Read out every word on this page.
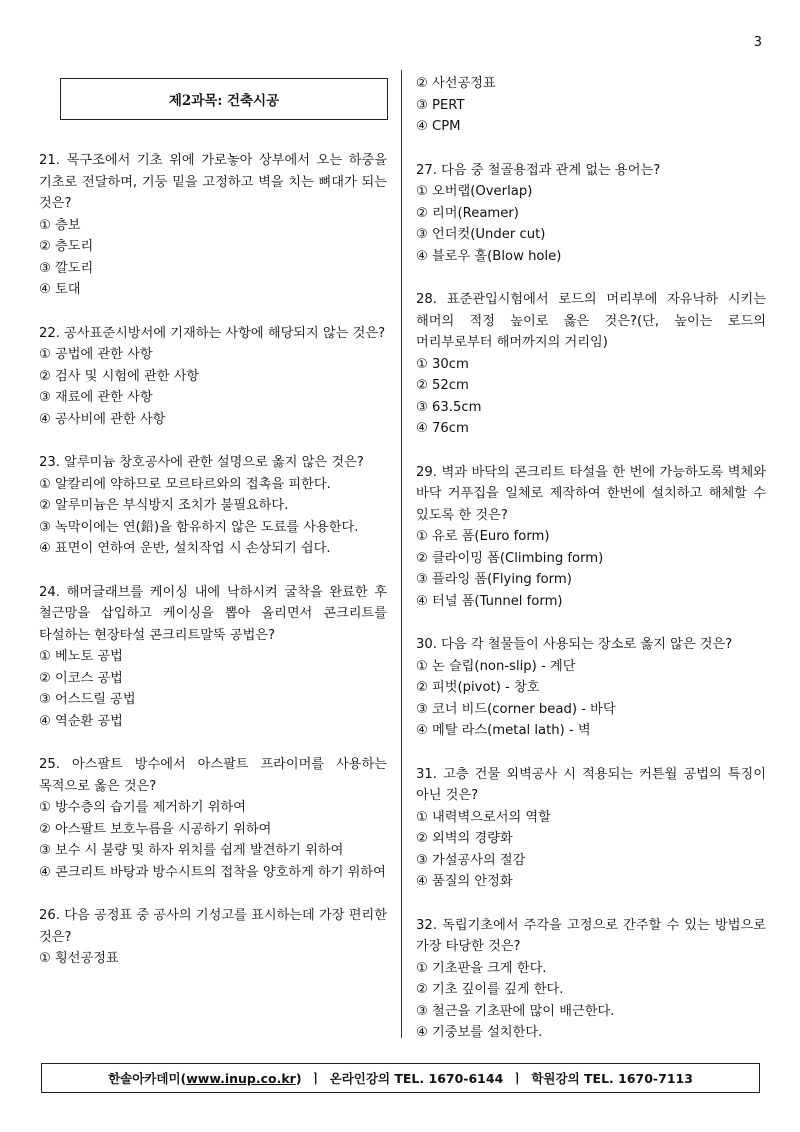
3
제2과목: 건축시공
21. 목구조에서 기초 위에 가로놓아 상부에서 오는 하중을 기초로 전달하며, 기둥 밑을 고정하고 벽을 치는 뼈대가 되는 것은?
① 층보
② 층도리
③ 깔도리
④ 토대
22. 공사표준시방서에 기재하는 사항에 해당되지 않는 것은?
① 공법에 관한 사항
② 검사 및 시험에 관한 사항
③ 재료에 관한 사항
④ 공사비에 관한 사항
23. 알루미늄 창호공사에 관한 설명으로 옳지 않은 것은?
① 알칼리에 약하므로 모르타르와의 접촉을 피한다.
② 알루미늄은 부식방지 조치가 불필요하다.
③ 녹막이에는 연(鉛)을 함유하지 않은 도료를 사용한다.
④ 표면이 연하여 운반, 설치작업 시 손상되기 쉽다.
24. 해머글래브를 케이싱 내에 낙하시켜 굴착을 완료한 후 철근망을 삽입하고 케이싱을 뽑아 올리면서 콘크리트를 타설하는 현장타설 콘크리트말뚝 공법은?
① 베노토 공법
② 이코스 공법
③ 어스드릴 공법
④ 역순환 공법
25. 아스팔트 방수에서 아스팔트 프라이머를 사용하는 목적으로 옳은 것은?
① 방수층의 습기를 제거하기 위하여
② 아스팔트 보호누름을 시공하기 위하여
③ 보수 시 불량 및 하자 위치를 쉽게 발견하기 위하여
④ 콘크리트 바탕과 방수시트의 접착을 양호하게 하기 위하여
26. 다음 공정표 중 공사의 기성고를 표시하는데 가장 편리한 것은?
① 횡선공정표
② 사선공정표
③ PERT
④ CPM
27. 다음 중 철골용접과 관계 없는 용어는?
① 오버랩(Overlap)
② 리머(Reamer)
③ 언더컷(Under cut)
④ 블로우 홀(Blow hole)
28. 표준관입시험에서 로드의 머리부에 자유낙하 시키는 해머의 적정 높이로 옳은 것은?(단, 높이는 로드의 머리부로부터 해머까지의 거리임)
① 30cm
② 52cm
③ 63.5cm
④ 76cm
29. 벽과 바닥의 콘크리트 타설을 한 번에 가능하도록 벽체와 바닥 거푸집을 일체로 제작하여 한번에 설치하고 해체할 수 있도록 한 것은?
① 유로 폼(Euro form)
② 클라이밍 폼(Climbing form)
③ 플라잉 폼(Flying form)
④ 터널 폼(Tunnel form)
30. 다음 각 철물들이 사용되는 장소로 옳지 않은 것은?
① 논 슬립(non-slip) - 계단
② 피벗(pivot) - 창호
③ 코너 비드(corner bead) - 바닥
④ 메탈 라스(metal lath) - 벽
31. 고층 건물 외벽공사 시 적용되는 커튼월 공법의 특징이 아닌 것은?
① 내력벽으로서의 역할
② 외벽의 경량화
③ 가설공사의 절감
④ 품질의 안정화
32. 독립기초에서 주각을 고정으로 간주할 수 있는 방법으로 가장 타당한 것은?
① 기초판을 크게 한다.
② 기초 깊이를 깊게 한다.
③ 철근을 기초판에 많이 배근한다.
④ 기중보를 설치한다.
한솔아카데미( www.inup.co.kr ) ㅣ 온라인강의 TEL. 1670-6144 ㅣ 학원강의 TEL. 1670-7113
